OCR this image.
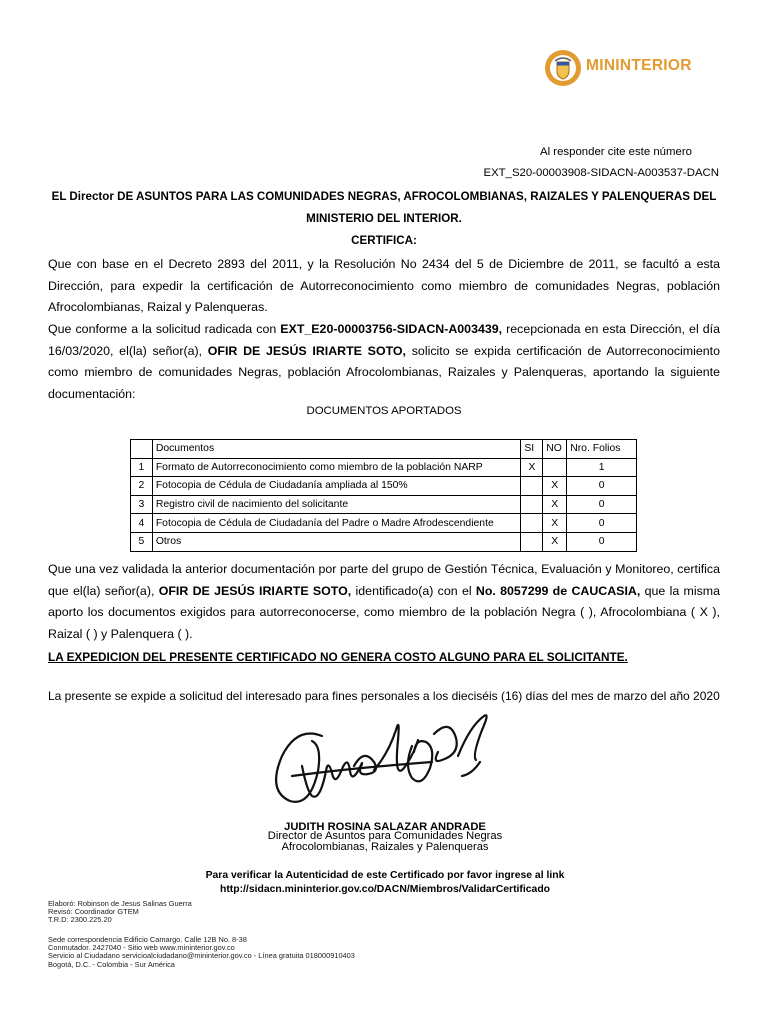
MININTERIOR
Al responder cite este número
EXT_S20-00003908-SIDACN-A003537-DACN
EL Director DE ASUNTOS PARA LAS COMUNIDADES NEGRAS, AFROCOLOMBIANAS, RAIZALES Y PALENQUERAS DEL
MINISTERIO DEL INTERIOR.
CERTIFICA:
Que con base en el Decreto 2893 del 2011, y la Resolución No 2434 del 5 de Diciembre de 2011, se facultó a esta Dirección, para expedir la certificación de Autorreconocimiento como miembro de comunidades Negras, población Afrocolombianas, Raizal y Palenqueras.
Que conforme a la solicitud radicada con EXT_E20-00003756-SIDACN-A003439, recepcionada en esta Dirección, el día 16/03/2020, el(la) señor(a), OFIR DE JESÚS IRIARTE SOTO, solicito se expida certificación de Autorreconocimiento como miembro de comunidades Negras, población Afrocolombianas, Raizales y Palenqueras, aportando la siguiente documentación:
DOCUMENTOS APORTADOS
	Documentos	SI	NO	Nro. Folios
1	Formato de Autorreconocimiento como miembro de la población NARP	X		1
2	Fotocopia de Cédula de Ciudadanía ampliada al 150%		X	0
3	Registro civil de nacimiento del solicitante		X	0
4	Fotocopia de Cédula de Ciudadanía del Padre o Madre Afrodescendiente		X	0
5	Otros		X	0
Que una vez validada la anterior documentación por parte del grupo de Gestión Técnica, Evaluación y Monitoreo, certifica que el(la) señor(a), OFIR DE JESÚS IRIARTE SOTO, identificado(a) con el No. 8057299 de CAUCASIA, que la misma aporto los documentos exigidos para autorreconocerse, como miembro de la población Negra ( ), Afrocolombiana ( X ), Raizal ( ) y Palenquera ( ).
LA EXPEDICION DEL PRESENTE CERTIFICADO NO GENERA COSTO ALGUNO PARA EL SOLICITANTE.
La presente se expide a solicitud del interesado para fines personales a los dieciséis (16) días del mes de marzo del año 2020
JUDITH ROSINA SALAZAR ANDRADE
Director de Asuntos para Comunidades Negras
Afrocolombianas, Raizales y Palenqueras
Para verificar la Autenticidad de este Certificado por favor ingrese al link
http://sidacn.mininterior.gov.co/DACN/Miembros/ValidarCertificado
Elaboró: Robinson de Jesus Salinas Guerra
Revisó: Coordinador GTEM
T.R.D: 2300.225.20
Sede correspondencia Edificio Camargo. Calle 12B No. 8-38
Conmutador. 2427040 - Sitio web www.mininterior.gov.co
Servicio al Ciudadano servicioalciudadano@mininterior.gov.co - Línea gratuita 018000910403
Bogotá, D.C. - Colombia - Sur América
